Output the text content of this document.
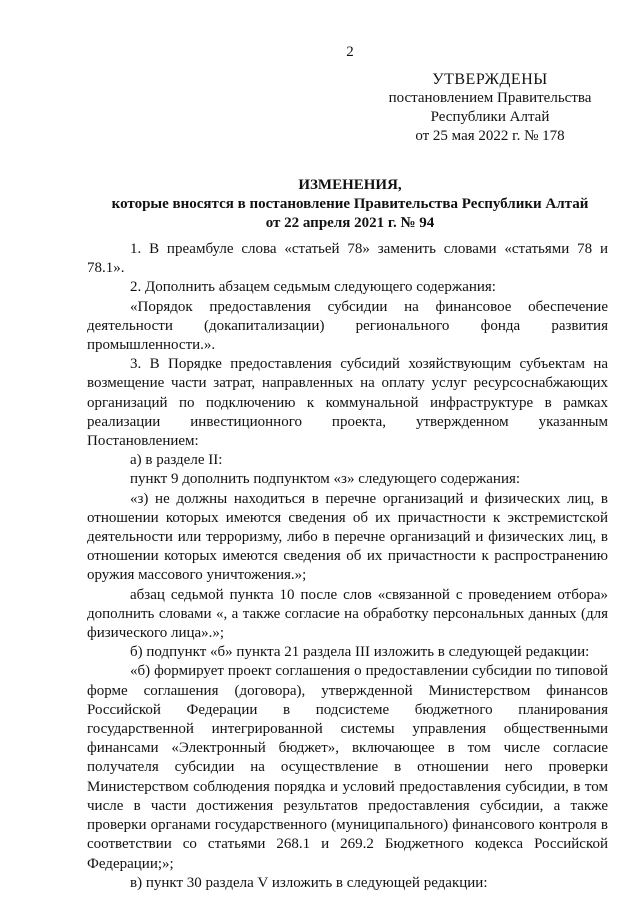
2
УТВЕРЖДЕНЫ
постановлением Правительства
Республики Алтай
от 25 мая 2022 г. № 178
ИЗМЕНЕНИЯ,
которые вносятся в постановление Правительства Республики Алтай
от 22 апреля 2021 г. № 94

1. В преамбуле слова «статьей 78» заменить словами «статьями 78 и 78.1».

2. Дополнить абзацем седьмым следующего содержания:

«Порядок предоставления субсидии на финансовое обеспечение деятельности (докапитализации) регионального фонда развития промышленности.».

3. В Порядке предоставления субсидий хозяйствующим субъектам на возмещение части затрат, направленных на оплату услуг ресурсоснабжающих организаций по подключению к коммунальной инфраструктуре в рамках реализации инвестиционного проекта, утвержденном указанным Постановлением:

а) в разделе II:

пункт 9 дополнить подпунктом «з» следующего содержания:

«з) не должны находиться в перечне организаций и физических лиц, в отношении которых имеются сведения об их причастности к экстремистской деятельности или терроризму, либо в перечне организаций и физических лиц, в отношении которых имеются сведения об их причастности к распространению оружия массового уничтожения.»;

абзац седьмой пункта 10 после слов «связанной с проведением отбора» дополнить словами «, а также согласие на обработку персональных данных (для физического лица».»;

б) подпункт «б» пункта 21 раздела III изложить в следующей редакции:

«б) формирует проект соглашения о предоставлении субсидии по типовой форме соглашения (договора), утвержденной Министерством финансов Российской Федерации в подсистеме бюджетного планирования государственной интегрированной системы управления общественными финансами «Электронный бюджет», включающее в том числе согласие получателя субсидии на осуществление в отношении него проверки Министерством соблюдения порядка и условий предоставления субсидии, в том числе в части достижения результатов предоставления субсидии, а также проверки органами государственного (муниципального) финансового контроля в соответствии со статьями 268.1 и 269.2 Бюджетного кодекса Российской Федерации;»;

в) пункт 30 раздела V изложить в следующей редакции:
